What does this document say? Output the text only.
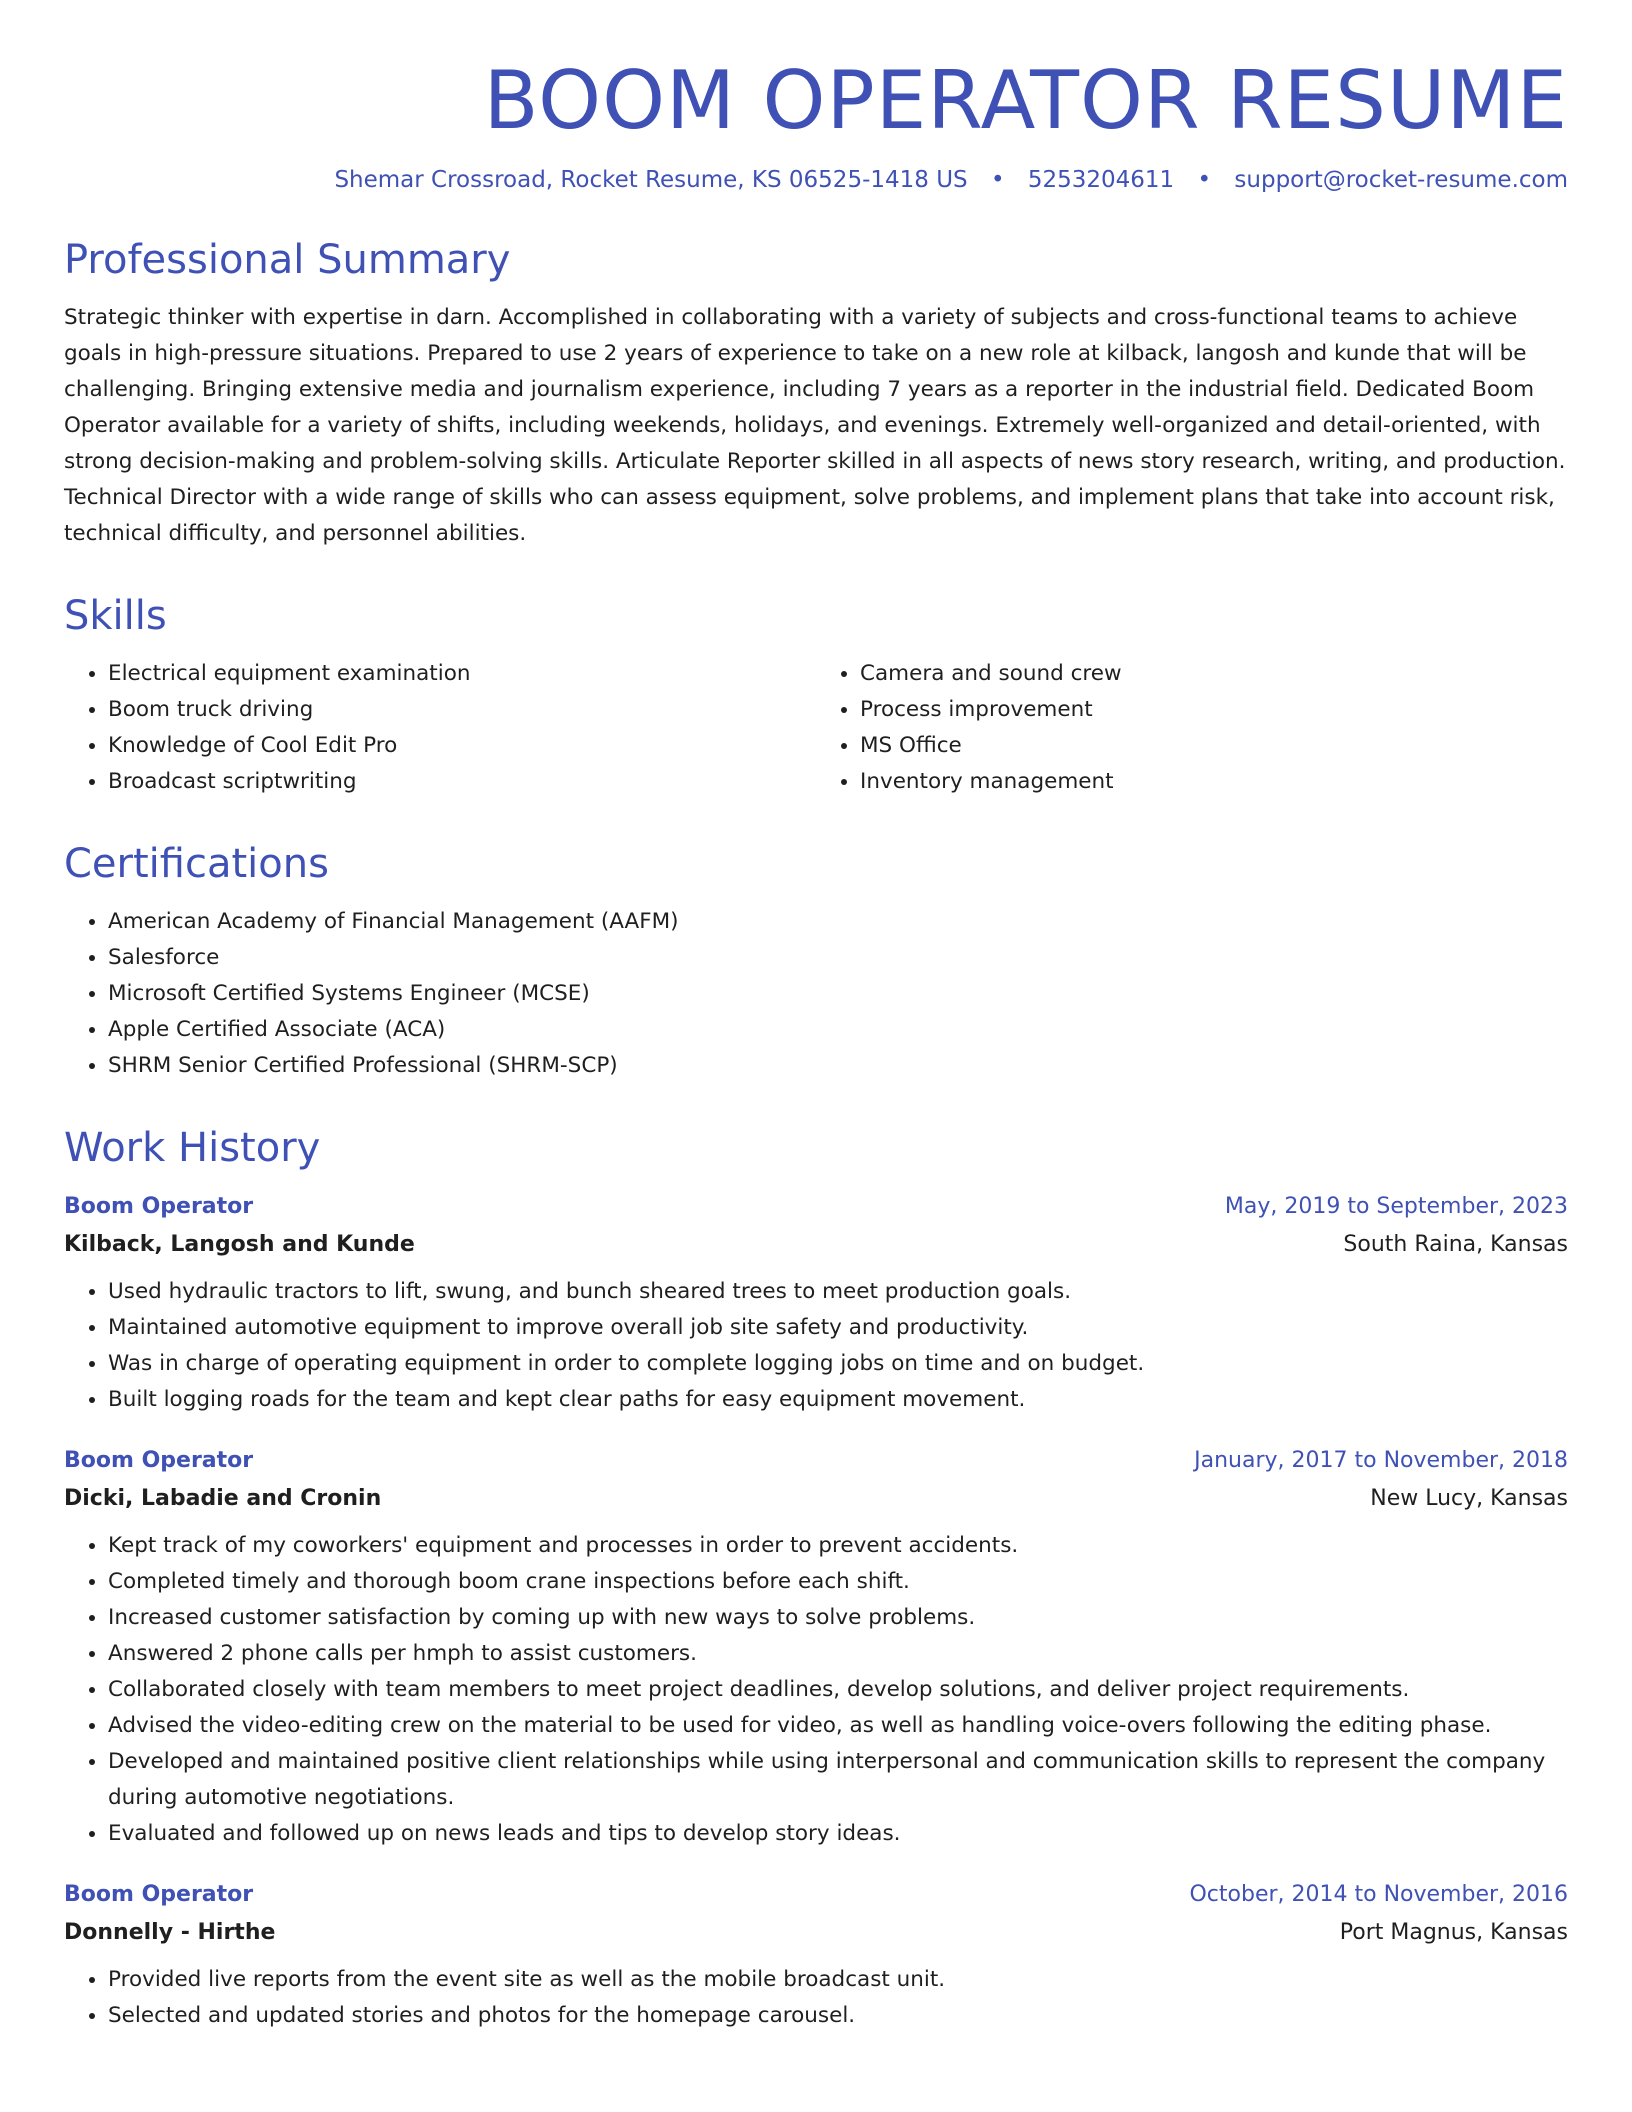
BOOM OPERATOR RESUME
Shemar Crossroad, Rocket Resume, KS 06525-1418 US • 5253204611 • support@rocket-resume.com
Professional Summary

Strategic thinker with expertise in darn. Accomplished in collaborating with a variety of subjects and cross-functional teams to achieve goals in high-pressure situations. Prepared to use 2 years of experience to take on a new role at kilback, langosh and kunde that will be challenging. Bringing extensive media and journalism experience, including 7 years as a reporter in the industrial field. Dedicated Boom Operator available for a variety of shifts, including weekends, holidays, and evenings. Extremely well-organized and detail-oriented, with strong decision-making and problem-solving skills. Articulate Reporter skilled in all aspects of news story research, writing, and production. Technical Director with a wide range of skills who can assess equipment, solve problems, and implement plans that take into account risk, technical difficulty, and personnel abilities.

Skills
• Electrical equipment examination
• Boom truck driving
• Knowledge of Cool Edit Pro
• Broadcast scriptwriting
• Camera and sound crew
• Process improvement
• MS Office
• Inventory management
Certifications
• American Academy of Financial Management (AAFM)
• Salesforce
• Microsoft Certified Systems Engineer (MCSE)
• Apple Certified Associate (ACA)
• SHRM Senior Certified Professional (SHRM-SCP)
Work History
Boom Operator	May, 2019 to September, 2023
Kilback, Langosh and Kunde	South Raina, Kansas
• Used hydraulic tractors to lift, swung, and bunch sheared trees to meet production goals.
• Maintained automotive equipment to improve overall job site safety and productivity.
• Was in charge of operating equipment in order to complete logging jobs on time and on budget.
• Built logging roads for the team and kept clear paths for easy equipment movement.
Boom Operator	January, 2017 to November, 2018
Dicki, Labadie and Cronin	New Lucy, Kansas
• Kept track of my coworkers' equipment and processes in order to prevent accidents.
• Completed timely and thorough boom crane inspections before each shift.
• Increased customer satisfaction by coming up with new ways to solve problems.
• Answered 2 phone calls per hmph to assist customers.
• Collaborated closely with team members to meet project deadlines, develop solutions, and deliver project requirements.
• Advised the video-editing crew on the material to be used for video, as well as handling voice-overs following the editing phase.
• Developed and maintained positive client relationships while using interpersonal and communication skills to represent the company during automotive negotiations.
• Evaluated and followed up on news leads and tips to develop story ideas.
Boom Operator	October, 2014 to November, 2016
Donnelly - Hirthe	Port Magnus, Kansas
• Provided live reports from the event site as well as the mobile broadcast unit.
• Selected and updated stories and photos for the homepage carousel.
